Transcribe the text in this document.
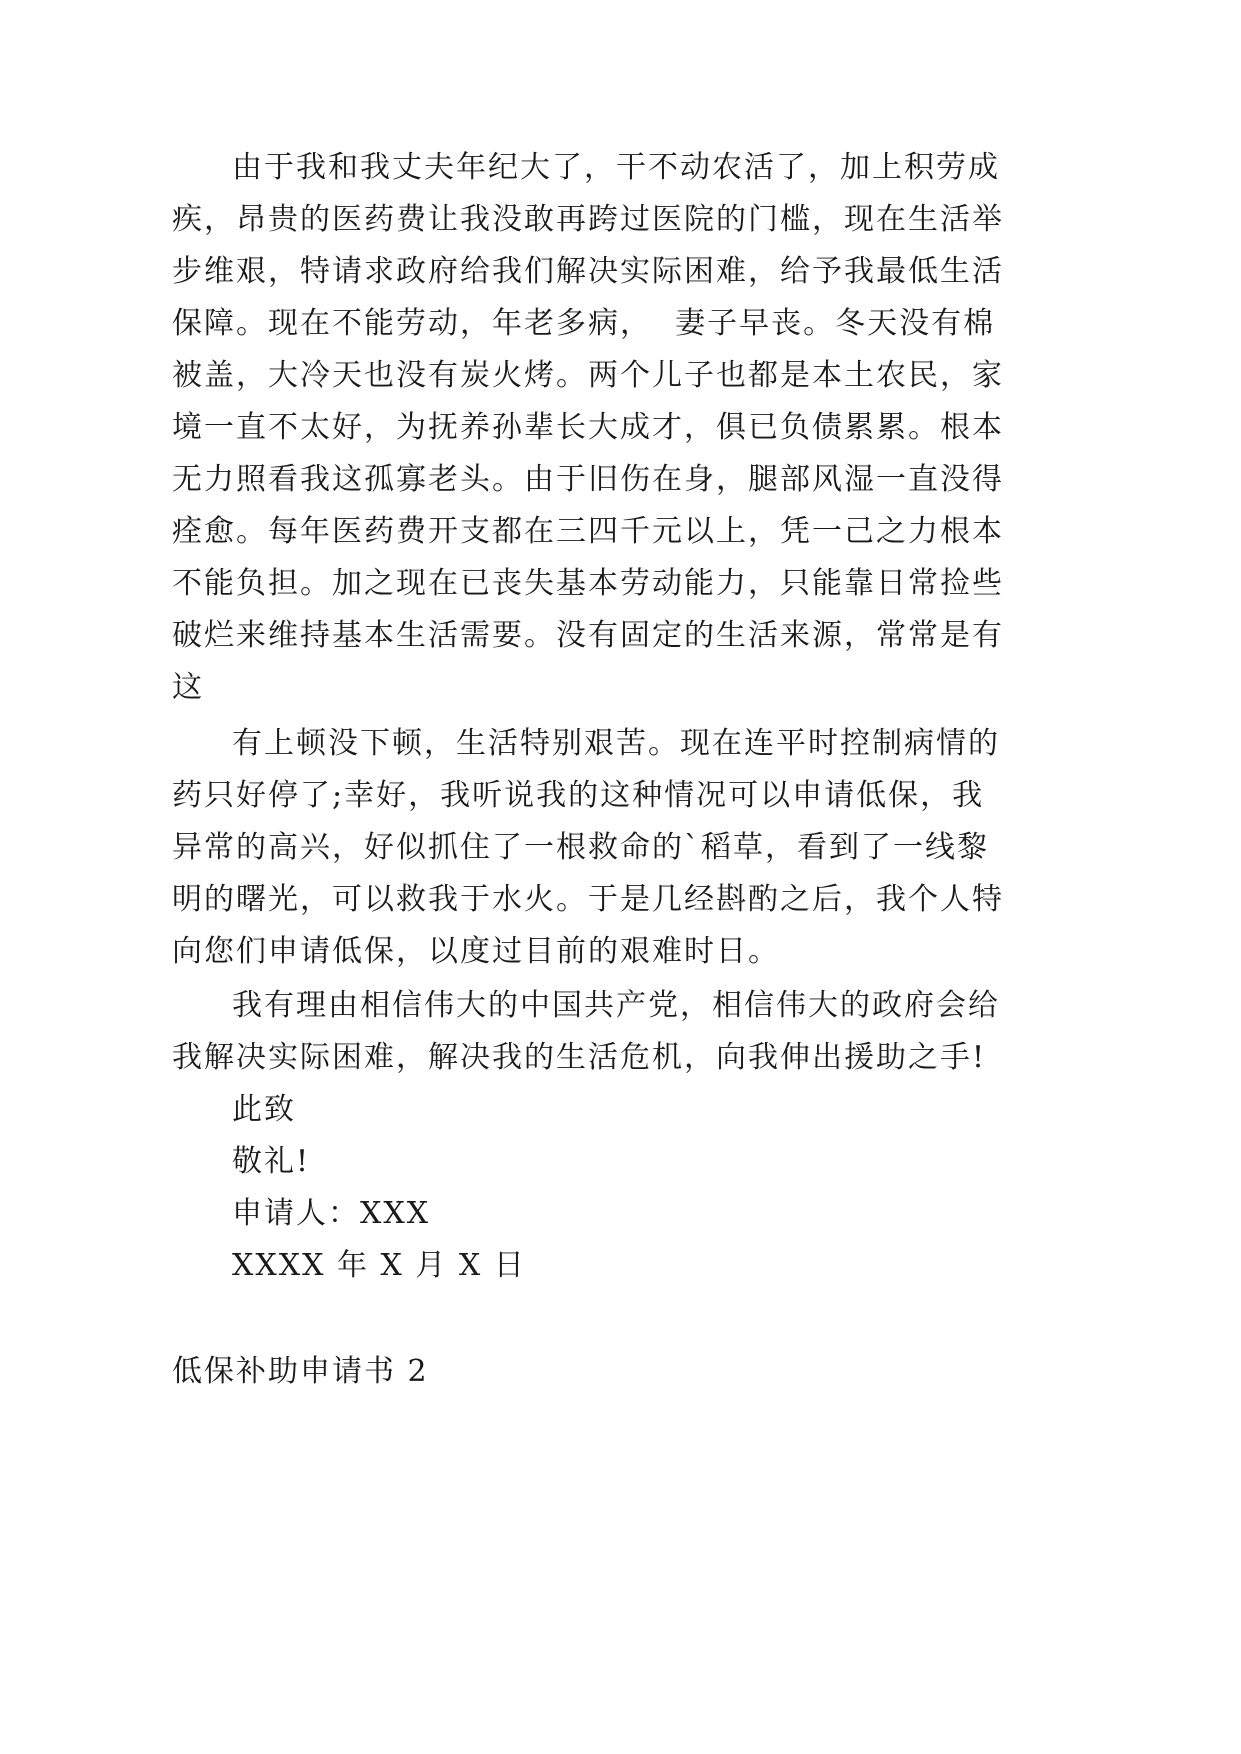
由于我和我丈夫年纪大了，干不动农活了，加上积劳成
疾，昂贵的医药费让我没敢再跨过医院的门槛，现在生活举
步维艰，特请求政府给我们解决实际困难，给予我最低生活
保障。现在不能劳动，年老多病，  妻子早丧。冬天没有棉
被盖，大冷天也没有炭火烤。两个儿子也都是本土农民，家
境一直不太好，为抚养孙辈长大成才，俱已负债累累。根本
无力照看我这孤寡老头。由于旧伤在身，腿部风湿一直没得
痊愈。每年医药费开支都在三四千元以上，凭一己之力根本
不能负担。加之现在已丧失基本劳动能力，只能靠日常捡些
破烂来维持基本生活需要。没有固定的生活来源，常常是有
这
有上顿没下顿，生活特别艰苦。现在连平时控制病情的
药只好停了;幸好，我听说我的这种情况可以申请低保，我
异常的高兴，好似抓住了一根救命的`稻草，看到了一线黎
明的曙光，可以救我于水火。于是几经斟酌之后，我个人特
向您们申请低保，以度过目前的艰难时日。
我有理由相信伟大的中国共产党，相信伟大的政府会给
我解决实际困难，解决我的生活危机，向我伸出援助之手!
此致
敬礼!
申请人：XXX
XXXX 年 X 月 X 日
低保补助申请书 2
